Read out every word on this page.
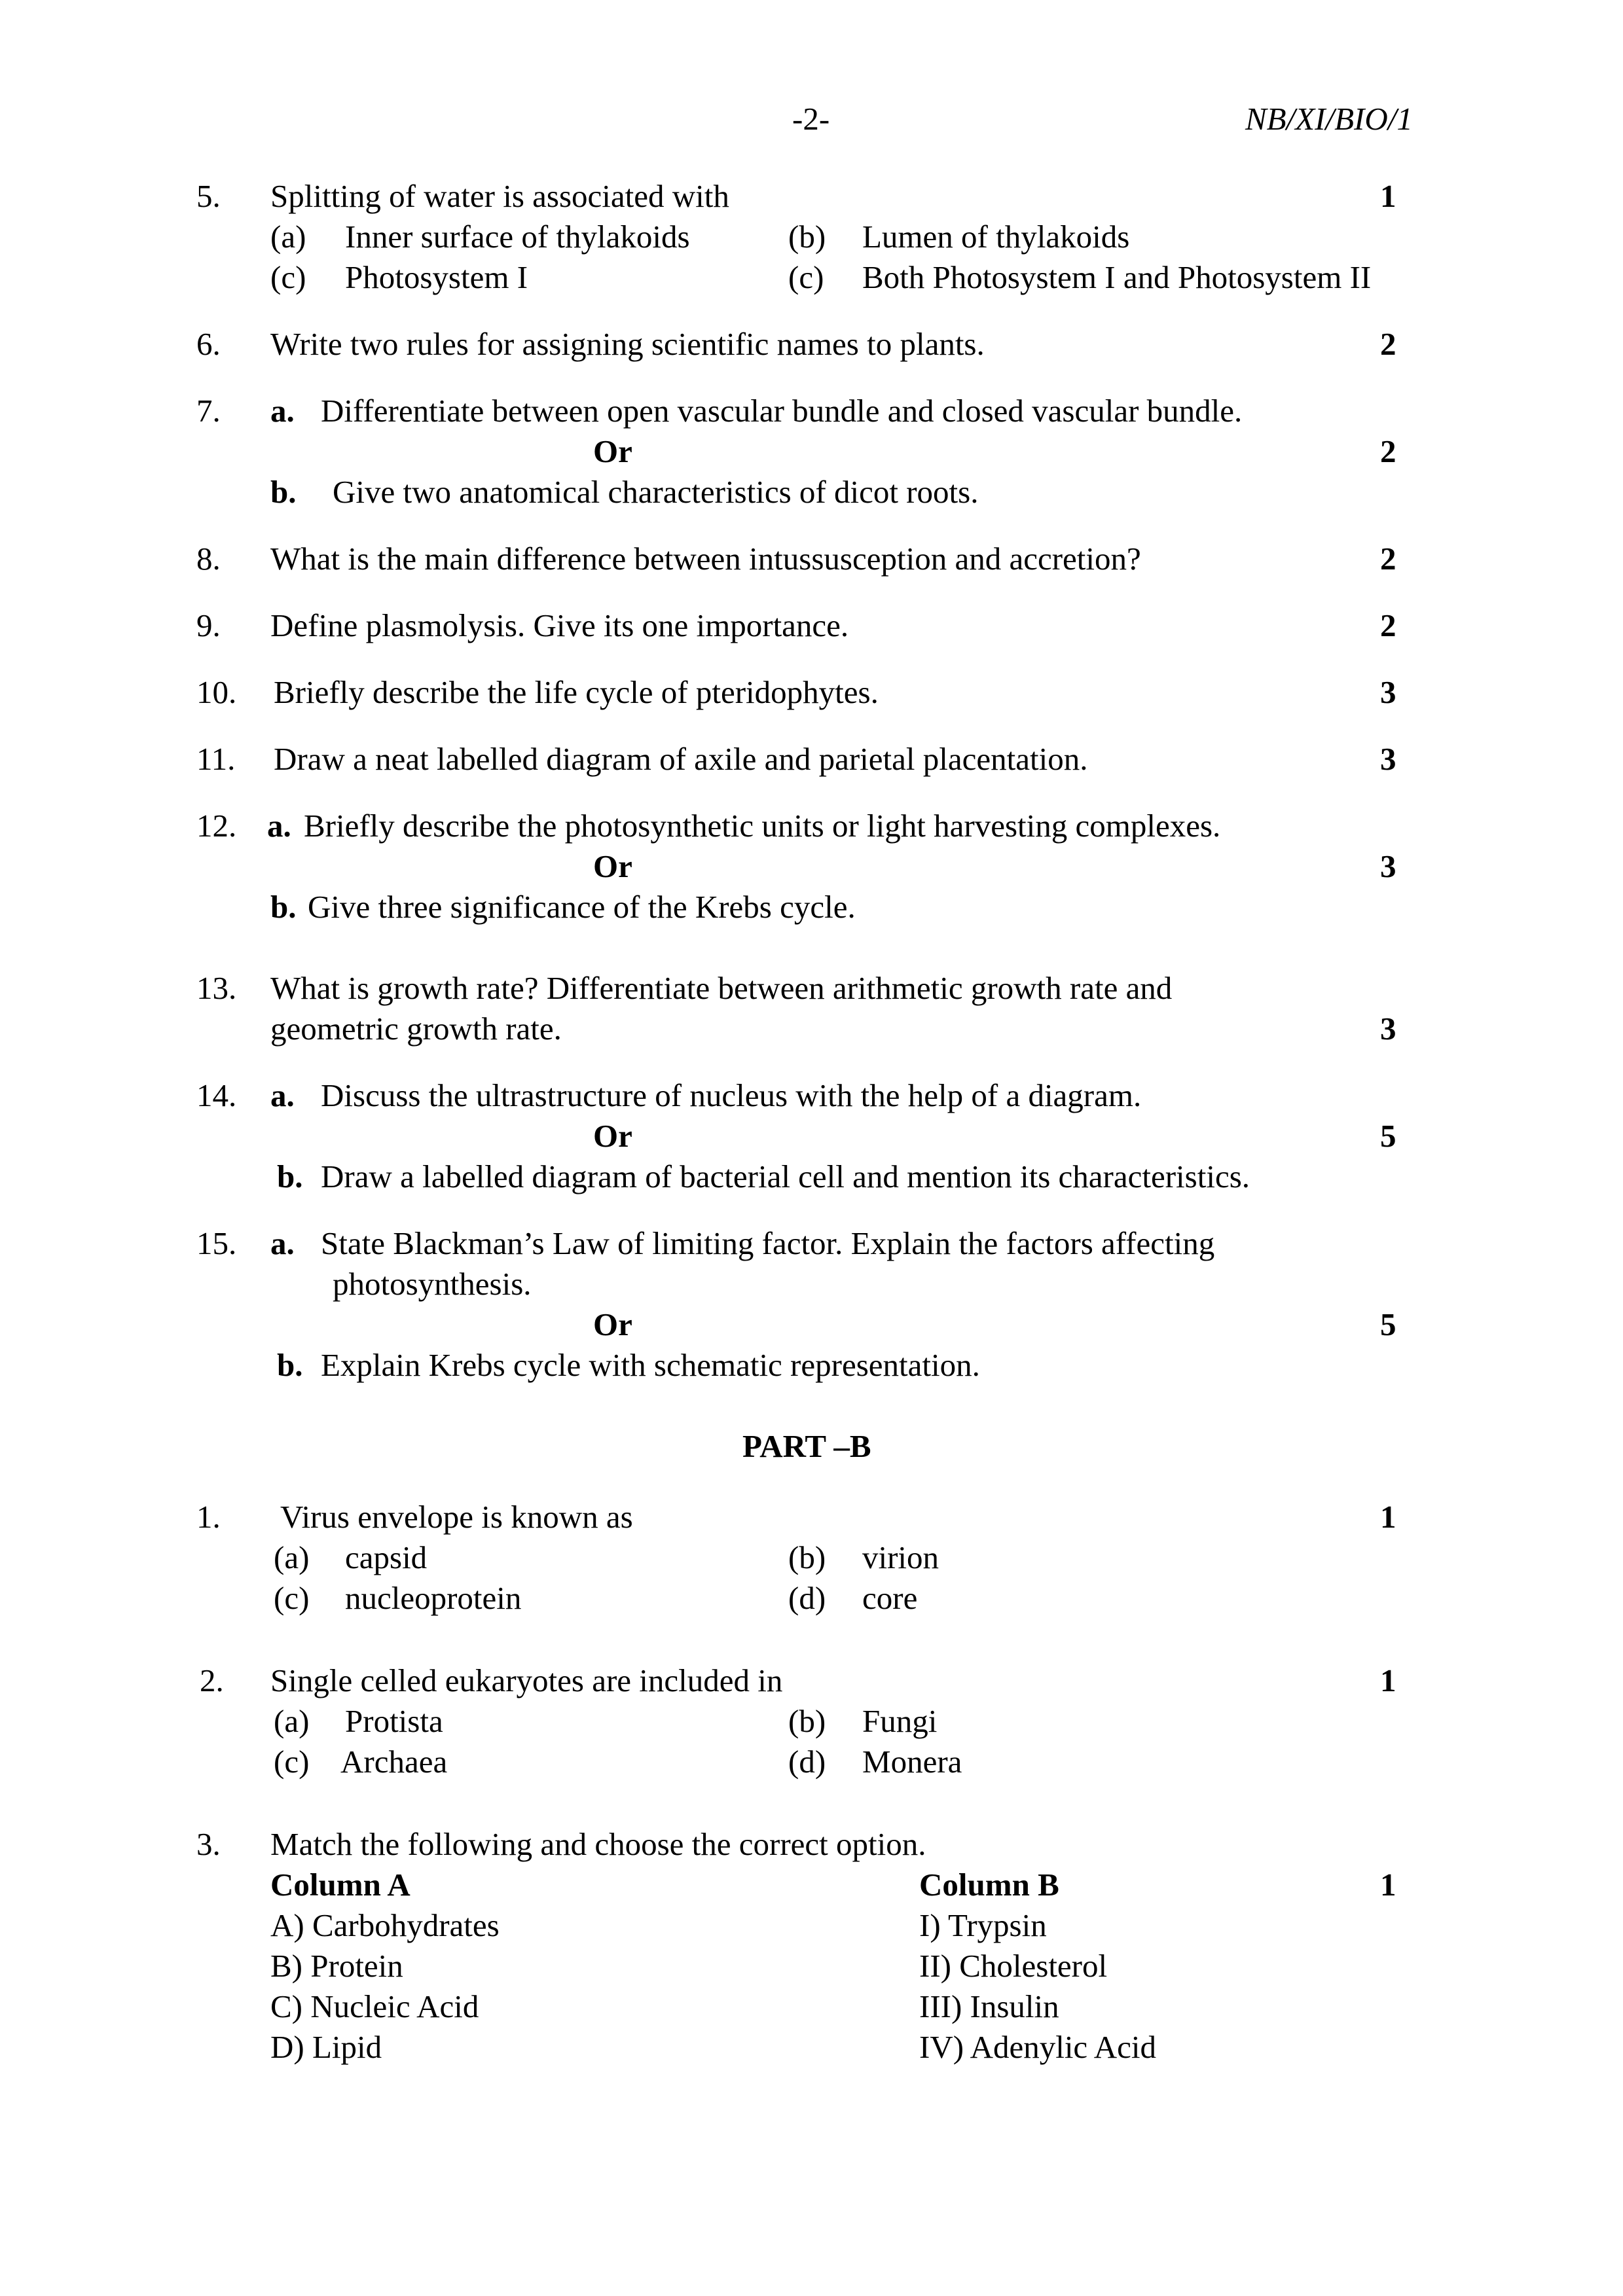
-2-	NB/XI/BIO/1
5. Splitting of water is associated with	1
(a) Inner surface of thylakoids	(b) Lumen of thylakoids
(c) Photosystem I	(c) Both Photosystem I and Photosystem II
6. Write two rules for assigning scientific names to plants.	2
7. a. Differentiate between open vascular bundle and closed vascular bundle.
Or	2
b. Give two anatomical characteristics of dicot roots.
8. What is the main difference between intussusception and accretion?	2
9. Define plasmolysis. Give its one importance.	2
10. Briefly describe the life cycle of pteridophytes.	3
11. Draw a neat labelled diagram of axile and parietal placentation.	3
12. a. Briefly describe the photosynthetic units or light harvesting complexes.
Or	3
b. Give three significance of the Krebs cycle.
13. What is growth rate? Differentiate between arithmetic growth rate and
geometric growth rate.	3
14. a. Discuss the ultrastructure of nucleus with the help of a diagram.
Or	5
b. Draw a labelled diagram of bacterial cell and mention its characteristics.
15. a. State Blackman’s Law of limiting factor. Explain the factors affecting
photosynthesis.
Or	5
b. Explain Krebs cycle with schematic representation.
PART –B
1. Virus envelope is known as	1
(a) capsid	(b) virion
(c) nucleoprotein	(d) core
2. Single celled eukaryotes are included in	1
(a) Protista	(b) Fungi
(c) Archaea	(d) Monera
3. Match the following and choose the correct option.
Column A	Column B	1
A) Carbohydrates	I) Trypsin
B) Protein	II) Cholesterol
C) Nucleic Acid	III) Insulin
D) Lipid	IV) Adenylic Acid
